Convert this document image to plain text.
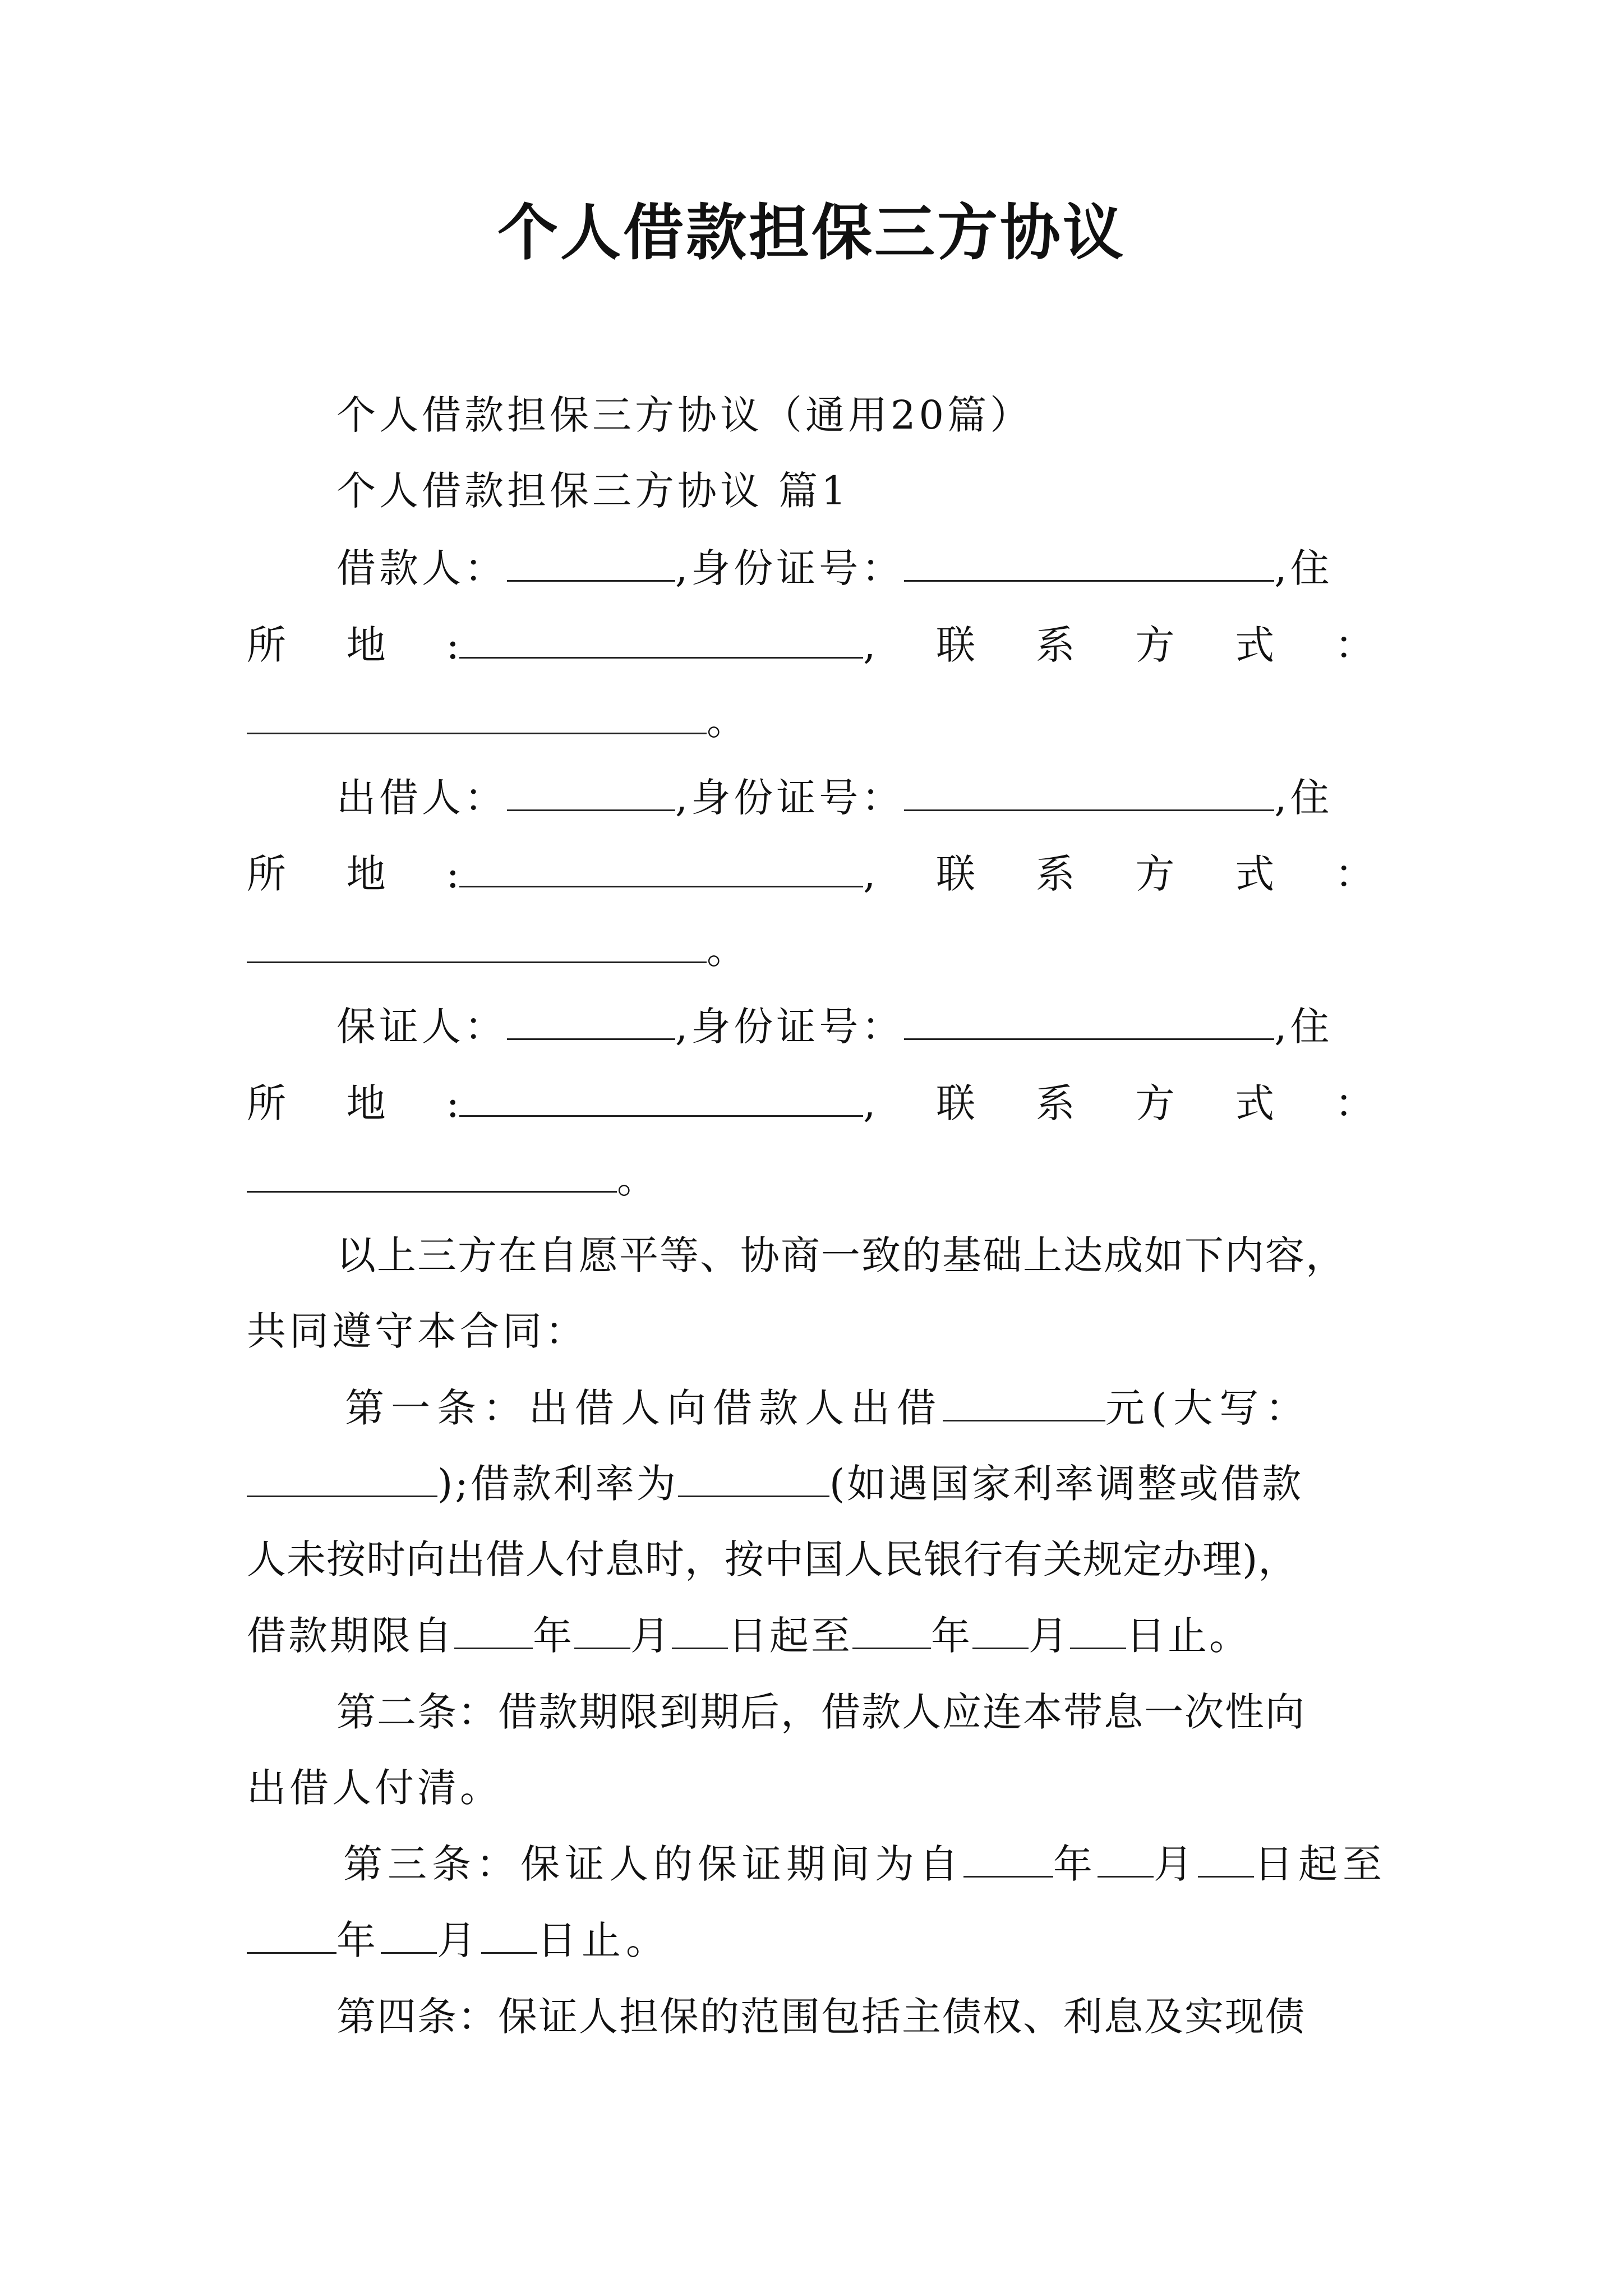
个人借款担保三方协议
个人借款担保三方协议（通用20篇）
个人借款担保三方协议 篇1
借款人：	,身份证号：	,住
所 地 :	, 联 系 方 式 ：
。
出借人：	,身份证号：	,住
所 地 :	, 联 系 方 式 ：
。
保证人：	,身份证号：	,住
所 地 :	, 联 系 方 式 ：
。
以上三方在自愿平等、协商一致的基础上达成如下内容，
共同遵守本合同：
第一条：出借人向借款人出借	元(大写：
);借款利率为	(如遇国家利率调整或借款
人未按时向出借人付息时，按中国人民银行有关规定办理)，
借款期限自 年 月 日起至 年 月 日止。
第二条：借款期限到期后，借款人应连本带息一次性向
出借人付清。
第三条：保证人的保证期间为自 年 月 日起至
年 月 日止。
第四条：保证人担保的范围包括主债权、利息及实现债
